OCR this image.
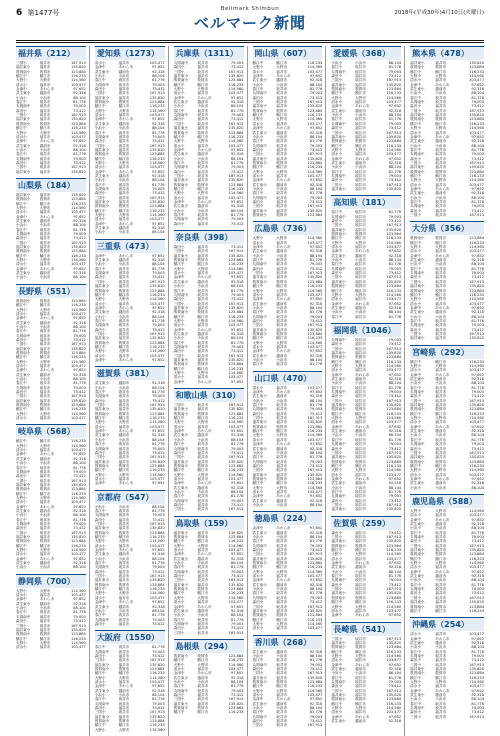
6 第1477号	Bellmark Shimbun
ベルマーク新聞
2018年(平成30年)4月10日(火曜日)
福井県（212）
三国小	坂井市	167,913
福井東小	福井市	135,820
敦賀南小	敦賀市	123,884
鯖江中	鯖江市	116,233
大野小	大野市	114,560
清水小	福井市	103,477
金津中	あわら市	97,652
武生東小	越前市	92,318
小浜小	小浜市	88,104
春江中	坂井市	81,776
丸岡南中	坂井市	79,003
森田小	福井市	73,412
三国小	坂井市	167,913
福井東小	福井市	135,820
敦賀南小	敦賀市	123,884
鯖江中	鯖江市	116,233
大野小	大野市	114,560
清水小	福井市	103,477
金津中	あわら市	97,652
武生東小	越前市	92,318
小浜小	小浜市	88,104
春江中	坂井市	81,776
丸岡南中	坂井市	79,003
森田小	福井市	73,412
三国小	坂井市	167,913
福井東小	福井市	135,820
山梨県（184）
福井東小	福井市	135,820
敦賀南小	敦賀市	123,884
鯖江中	鯖江市	116,233
大野小	大野市	114,560
清水小	福井市	103,477
金津中	あわら市	97,652
武生東小	越前市	92,318
小浜小	小浜市	88,104
春江中	坂井市	81,776
丸岡南中	坂井市	79,003
森田小	福井市	73,412
三国小	坂井市	167,913
福井東小	福井市	135,820
敦賀南小	敦賀市	123,884
鯖江中	鯖江市	116,233
大野小	大野市	114,560
清水小	福井市	103,477
金津中	あわら市	97,652
武生東小	越前市	92,318
小浜小	小浜市	88,104
長野県（551）
敦賀南小	敦賀市	123,884
鯖江中	鯖江市	116,233
大野小	大野市	114,560
清水小	福井市	103,477
金津中	あわら市	97,652
武生東小	越前市	92,318
小浜小	小浜市	88,104
春江中	坂井市	81,776
丸岡南中	坂井市	79,003
森田小	福井市	73,412
三国小	坂井市	167,913
福井東小	福井市	135,820
敦賀南小	敦賀市	123,884
鯖江中	鯖江市	116,233
大野小	大野市	114,560
清水小	福井市	103,477
金津中	あわら市	97,652
武生東小	越前市	92,318
小浜小	小浜市	88,104
春江中	坂井市	81,776
丸岡南中	坂井市	79,003
森田小	福井市	73,412
三国小	坂井市	167,913
福井東小	福井市	135,820
敦賀南小	敦賀市	123,884
鯖江中	鯖江市	116,233
大野小	大野市	114,560
清水小	福井市	103,477
岐阜県（568）
鯖江中	鯖江市	116,233
大野小	大野市	114,560
清水小	福井市	103,477
金津中	あわら市	97,652
武生東小	越前市	92,318
小浜小	小浜市	88,104
春江中	坂井市	81,776
丸岡南中	坂井市	79,003
森田小	福井市	73,412
三国小	坂井市	167,913
福井東小	福井市	135,820
敦賀南小	敦賀市	123,884
鯖江中	鯖江市	116,233
大野小	大野市	114,560
清水小	福井市	103,477
金津中	あわら市	97,652
武生東小	越前市	92,318
小浜小	小浜市	88,104
春江中	坂井市	81,776
丸岡南中	坂井市	79,003
森田小	福井市	73,412
三国小	坂井市	167,913
福井東小	福井市	135,820
敦賀南小	敦賀市	123,884
鯖江中	鯖江市	116,233
大野小	大野市	114,560
清水小	福井市	103,477
金津中	あわら市	97,652
武生東小	越前市	92,318
小浜小	小浜市	88,104
静岡県（700）
大野小	大野市	114,560
清水小	福井市	103,477
金津中	あわら市	97,652
武生東小	越前市	92,318
小浜小	小浜市	88,104
春江中	坂井市	81,776
丸岡南中	坂井市	79,003
森田小	福井市	73,412
三国小	坂井市	167,913
福井東小	福井市	135,820
敦賀南小	敦賀市	123,884
鯖江中	鯖江市	116,233
大野小	大野市	114,560
清水小	福井市	103,477
愛知県（1273）
清水小	福井市	103,477
金津中	あわら市	97,652
武生東小	越前市	92,318
小浜小	小浜市	88,104
春江中	坂井市	81,776
丸岡南中	坂井市	79,003
森田小	福井市	73,412
三国小	坂井市	167,913
福井東小	福井市	135,820
敦賀南小	敦賀市	123,884
鯖江中	鯖江市	116,233
大野小	大野市	114,560
清水小	福井市	103,477
金津中	あわら市	97,652
武生東小	越前市	92,318
小浜小	小浜市	88,104
春江中	坂井市	81,776
丸岡南中	坂井市	79,003
森田小	福井市	73,412
三国小	坂井市	167,913
福井東小	福井市	135,820
敦賀南小	敦賀市	123,884
鯖江中	鯖江市	116,233
大野小	大野市	114,560
清水小	福井市	103,477
金津中	あわら市	97,652
武生東小	越前市	92,318
小浜小	小浜市	88,104
春江中	坂井市	81,776
丸岡南中	坂井市	79,003
森田小	福井市	73,412
三国小	坂井市	167,913
福井東小	福井市	135,820
敦賀南小	敦賀市	123,884
鯖江中	鯖江市	116,233
大野小	大野市	114,560
清水小	福井市	103,477
金津中	あわら市	97,652
武生東小	越前市	92,318
小浜小	小浜市	88,104
三重県（473）
金津中	あわら市	97,652
武生東小	越前市	92,318
小浜小	小浜市	88,104
春江中	坂井市	81,776
丸岡南中	坂井市	79,003
森田小	福井市	73,412
三国小	坂井市	167,913
福井東小	福井市	135,820
敦賀南小	敦賀市	123,884
鯖江中	鯖江市	116,233
大野小	大野市	114,560
清水小	福井市	103,477
金津中	あわら市	97,652
武生東小	越前市	92,318
小浜小	小浜市	88,104
春江中	坂井市	81,776
丸岡南中	坂井市	79,003
森田小	福井市	73,412
三国小	坂井市	167,913
福井東小	福井市	135,820
敦賀南小	敦賀市	123,884
鯖江中	鯖江市	116,233
大野小	大野市	114,560
清水小	福井市	103,477
金津中	あわら市	97,652
滋賀県（381）
武生東小	越前市	92,318
小浜小	小浜市	88,104
春江中	坂井市	81,776
丸岡南中	坂井市	79,003
森田小	福井市	73,412
三国小	坂井市	167,913
福井東小	福井市	135,820
敦賀南小	敦賀市	123,884
鯖江中	鯖江市	116,233
大野小	大野市	114,560
清水小	福井市	103,477
金津中	あわら市	97,652
武生東小	越前市	92,318
小浜小	小浜市	88,104
春江中	坂井市	81,776
丸岡南中	坂井市	79,003
森田小	福井市	73,412
三国小	坂井市	167,913
福井東小	福井市	135,820
敦賀南小	敦賀市	123,884
鯖江中	鯖江市	116,233
大野小	大野市	114,560
清水小	福井市	103,477
金津中	あわら市	97,652
京都府（547）
小浜小	小浜市	88,104
春江中	坂井市	81,776
丸岡南中	坂井市	79,003
森田小	福井市	73,412
三国小	坂井市	167,913
福井東小	福井市	135,820
敦賀南小	敦賀市	123,884
鯖江中	鯖江市	116,233
大野小	大野市	114,560
清水小	福井市	103,477
金津中	あわら市	97,652
武生東小	越前市	92,318
小浜小	小浜市	88,104
春江中	坂井市	81,776
丸岡南中	坂井市	79,003
森田小	福井市	73,412
三国小	坂井市	167,913
福井東小	福井市	135,820
敦賀南小	敦賀市	123,884
鯖江中	鯖江市	116,233
大野小	大野市	114,560
清水小	福井市	103,477
金津中	あわら市	97,652
武生東小	越前市	92,318
小浜小	小浜市	88,104
春江中	坂井市	81,776
丸岡南中	坂井市	79,003
森田小	福井市	73,412
大阪府（1550）
春江中	坂井市	81,776
丸岡南中	坂井市	79,003
森田小	福井市	73,412
三国小	坂井市	167,913
福井東小	福井市	135,820
敦賀南小	敦賀市	123,884
鯖江中	鯖江市	116,233
大野小	大野市	114,560
清水小	福井市	103,477
金津中	あわら市	97,652
武生東小	越前市	92,318
小浜小	小浜市	88,104
春江中	坂井市	81,776
丸岡南中	坂井市	79,003
森田小	福井市	73,412
三国小	坂井市	167,913
福井東小	福井市	135,820
敦賀南小	敦賀市	123,884
鯖江中	鯖江市	116,233
大野小	大野市	114,560
兵庫県（1311）
丸岡南中	坂井市	79,003
森田小	福井市	73,412
三国小	坂井市	167,913
福井東小	福井市	135,820
敦賀南小	敦賀市	123,884
鯖江中	鯖江市	116,233
大野小	大野市	114,560
清水小	福井市	103,477
金津中	あわら市	97,652
武生東小	越前市	92,318
小浜小	小浜市	88,104
春江中	坂井市	81,776
丸岡南中	坂井市	79,003
森田小	福井市	73,412
三国小	坂井市	167,913
福井東小	福井市	135,820
敦賀南小	敦賀市	123,884
鯖江中	鯖江市	116,233
大野小	大野市	114,560
清水小	福井市	103,477
金津中	あわら市	97,652
武生東小	越前市	92,318
小浜小	小浜市	88,104
春江中	坂井市	81,776
丸岡南中	坂井市	79,003
森田小	福井市	73,412
三国小	坂井市	167,913
福井東小	福井市	135,820
敦賀南小	敦賀市	123,884
鯖江中	鯖江市	116,233
大野小	大野市	114,560
清水小	福井市	103,477
金津中	あわら市	97,652
武生東小	越前市	92,318
小浜小	小浜市	88,104
春江中	坂井市	81,776
丸岡南中	坂井市	79,003
森田小	福井市	73,412
奈良県（398）
森田小	福井市	73,412
三国小	坂井市	167,913
福井東小	福井市	135,820
敦賀南小	敦賀市	123,884
鯖江中	鯖江市	116,233
大野小	大野市	114,560
清水小	福井市	103,477
金津中	あわら市	97,652
武生東小	越前市	92,318
小浜小	小浜市	88,104
春江中	坂井市	81,776
丸岡南中	坂井市	79,003
森田小	福井市	73,412
三国小	坂井市	167,913
福井東小	福井市	135,820
敦賀南小	敦賀市	123,884
鯖江中	鯖江市	116,233
大野小	大野市	114,560
清水小	福井市	103,477
金津中	あわら市	97,652
武生東小	越前市	92,318
小浜小	小浜市	88,104
春江中	坂井市	81,776
丸岡南中	坂井市	79,003
森田小	福井市	73,412
三国小	坂井市	167,913
福井東小	福井市	135,820
敦賀南小	敦賀市	123,884
鯖江中	鯖江市	116,233
大野小	大野市	114,560
清水小	福井市	103,477
金津中	あわら市	97,652
和歌山県（310）
三国小	坂井市	167,913
福井東小	福井市	135,820
敦賀南小	敦賀市	123,884
鯖江中	鯖江市	116,233
大野小	大野市	114,560
清水小	福井市	103,477
金津中	あわら市	97,652
武生東小	越前市	92,318
小浜小	小浜市	88,104
春江中	坂井市	81,776
丸岡南中	坂井市	79,003
森田小	福井市	73,412
三国小	坂井市	167,913
福井東小	福井市	135,820
敦賀南小	敦賀市	123,884
鯖江中	鯖江市	116,233
大野小	大野市	114,560
清水小	福井市	103,477
金津中	あわら市	97,652
武生東小	越前市	92,318
小浜小	小浜市	88,104
春江中	坂井市	81,776
丸岡南中	坂井市	79,003
森田小	福井市	73,412
三国小	坂井市	167,913
鳥取県（159）
福井東小	福井市	135,820
敦賀南小	敦賀市	123,884
鯖江中	鯖江市	116,233
大野小	大野市	114,560
清水小	福井市	103,477
金津中	あわら市	97,652
武生東小	越前市	92,318
小浜小	小浜市	88,104
春江中	坂井市	81,776
丸岡南中	坂井市	79,003
森田小	福井市	73,412
三国小	坂井市	167,913
福井東小	福井市	135,820
敦賀南小	敦賀市	123,884
鯖江中	鯖江市	116,233
大野小	大野市	114,560
清水小	福井市	103,477
金津中	あわら市	97,652
武生東小	越前市	92,318
小浜小	小浜市	88,104
春江中	坂井市	81,776
丸岡南中	坂井市	79,003
森田小	福井市	73,412
三国小	坂井市	167,913
島根県（294）
敦賀南小	敦賀市	123,884
鯖江中	鯖江市	116,233
大野小	大野市	114,560
清水小	福井市	103,477
金津中	あわら市	97,652
武生東小	越前市	92,318
小浜小	小浜市	88,104
春江中	坂井市	81,776
丸岡南中	坂井市	79,003
森田小	福井市	73,412
三国小	坂井市	167,913
福井東小	福井市	135,820
敦賀南小	敦賀市	123,884
鯖江中	鯖江市	116,233
岡山県（607）
鯖江中	鯖江市	116,233
大野小	大野市	114,560
清水小	福井市	103,477
金津中	あわら市	97,652
武生東小	越前市	92,318
小浜小	小浜市	88,104
春江中	坂井市	81,776
丸岡南中	坂井市	79,003
森田小	福井市	73,412
三国小	坂井市	167,913
福井東小	福井市	135,820
敦賀南小	敦賀市	123,884
鯖江中	鯖江市	116,233
大野小	大野市	114,560
清水小	福井市	103,477
金津中	あわら市	97,652
武生東小	越前市	92,318
小浜小	小浜市	88,104
春江中	坂井市	81,776
丸岡南中	坂井市	79,003
森田小	福井市	73,412
三国小	坂井市	167,913
福井東小	福井市	135,820
敦賀南小	敦賀市	123,884
鯖江中	鯖江市	116,233
大野小	大野市	114,560
清水小	福井市	103,477
金津中	あわら市	97,652
武生東小	越前市	92,318
小浜小	小浜市	88,104
春江中	坂井市	81,776
丸岡南中	坂井市	79,003
森田小	福井市	73,412
三国小	坂井市	167,913
福井東小	福井市	135,820
敦賀南小	敦賀市	123,884
広島県（736）
大野小	大野市	114,560
清水小	福井市	103,477
金津中	あわら市	97,652
武生東小	越前市	92,318
小浜小	小浜市	88,104
春江中	坂井市	81,776
丸岡南中	坂井市	79,003
森田小	福井市	73,412
三国小	坂井市	167,913
福井東小	福井市	135,820
敦賀南小	敦賀市	123,884
鯖江中	鯖江市	116,233
大野小	大野市	114,560
清水小	福井市	103,477
金津中	あわら市	97,652
武生東小	越前市	92,318
小浜小	小浜市	88,104
春江中	坂井市	81,776
丸岡南中	坂井市	79,003
森田小	福井市	73,412
三国小	坂井市	167,913
福井東小	福井市	135,820
敦賀南小	敦賀市	123,884
鯖江中	鯖江市	116,233
大野小	大野市	114,560
清水小	福井市	103,477
金津中	あわら市	97,652
武生東小	越前市	92,318
小浜小	小浜市	88,104
春江中	坂井市	81,776
山口県（470）
清水小	福井市	103,477
金津中	あわら市	97,652
武生東小	越前市	92,318
小浜小	小浜市	88,104
春江中	坂井市	81,776
丸岡南中	坂井市	79,003
森田小	福井市	73,412
三国小	坂井市	167,913
福井東小	福井市	135,820
敦賀南小	敦賀市	123,884
鯖江中	鯖江市	116,233
大野小	大野市	114,560
清水小	福井市	103,477
金津中	あわら市	97,652
武生東小	越前市	92,318
小浜小	小浜市	88,104
春江中	坂井市	81,776
丸岡南中	坂井市	79,003
森田小	福井市	73,412
三国小	坂井市	167,913
福井東小	福井市	135,820
敦賀南小	敦賀市	123,884
鯖江中	鯖江市	116,233
大野小	大野市	114,560
清水小	福井市	103,477
金津中	あわら市	97,652
武生東小	越前市	92,318
小浜小	小浜市	88,104
徳島県（224）
金津中	あわら市	97,652
武生東小	越前市	92,318
小浜小	小浜市	88,104
春江中	坂井市	81,776
丸岡南中	坂井市	79,003
森田小	福井市	73,412
三国小	坂井市	167,913
福井東小	福井市	135,820
敦賀南小	敦賀市	123,884
鯖江中	鯖江市	116,233
大野小	大野市	114,560
清水小	福井市	103,477
金津中	あわら市	97,652
武生東小	越前市	92,318
小浜小	小浜市	88,104
春江中	坂井市	81,776
丸岡南中	坂井市	79,003
森田小	福井市	73,412
三国小	坂井市	167,913
福井東小	福井市	135,820
敦賀南小	敦賀市	123,884
鯖江中	鯖江市	116,233
大野小	大野市	114,560
清水小	福井市	103,477
香川県（268）
武生東小	越前市	92,318
小浜小	小浜市	88,104
春江中	坂井市	81,776
丸岡南中	坂井市	79,003
森田小	福井市	73,412
三国小	坂井市	167,913
福井東小	福井市	135,820
敦賀南小	敦賀市	123,884
鯖江中	鯖江市	116,233
大野小	大野市	114,560
清水小	福井市	103,477
金津中	あわら市	97,652
武生東小	越前市	92,318
小浜小	小浜市	88,104
春江中	坂井市	81,776
丸岡南中	坂井市	79,003
森田小	福井市	73,412
三国小	坂井市	167,913
愛媛県（368）
小浜小	小浜市	88,104
春江中	坂井市	81,776
丸岡南中	坂井市	79,003
森田小	福井市	73,412
三国小	坂井市	167,913
福井東小	福井市	135,820
敦賀南小	敦賀市	123,884
鯖江中	鯖江市	116,233
大野小	大野市	114,560
清水小	福井市	103,477
金津中	あわら市	97,652
武生東小	越前市	92,318
小浜小	小浜市	88,104
春江中	坂井市	81,776
丸岡南中	坂井市	79,003
森田小	福井市	73,412
三国小	坂井市	167,913
福井東小	福井市	135,820
敦賀南小	敦賀市	123,884
鯖江中	鯖江市	116,233
大野小	大野市	114,560
清水小	福井市	103,477
金津中	あわら市	97,652
武生東小	越前市	92,318
小浜小	小浜市	88,104
春江中	坂井市	81,776
丸岡南中	坂井市	79,003
森田小	福井市	73,412
三国小	坂井市	167,913
福井東小	福井市	135,820
高知県（181）
春江中	坂井市	81,776
丸岡南中	坂井市	79,003
森田小	福井市	73,412
三国小	坂井市	167,913
福井東小	福井市	135,820
敦賀南小	敦賀市	123,884
鯖江中	鯖江市	116,233
大野小	大野市	114,560
清水小	福井市	103,477
金津中	あわら市	97,652
武生東小	越前市	92,318
小浜小	小浜市	88,104
春江中	坂井市	81,776
丸岡南中	坂井市	79,003
森田小	福井市	73,412
三国小	坂井市	167,913
福井東小	福井市	135,820
敦賀南小	敦賀市	123,884
鯖江中	鯖江市	116,233
大野小	大野市	114,560
清水小	福井市	103,477
金津中	あわら市	97,652
武生東小	越前市	92,318
小浜小	小浜市	88,104
春江中	坂井市	81,776
福岡県（1046）
丸岡南中	坂井市	79,003
森田小	福井市	73,412
三国小	坂井市	167,913
福井東小	福井市	135,820
敦賀南小	敦賀市	123,884
鯖江中	鯖江市	116,233
大野小	大野市	114,560
清水小	福井市	103,477
金津中	あわら市	97,652
武生東小	越前市	92,318
小浜小	小浜市	88,104
春江中	坂井市	81,776
丸岡南中	坂井市	79,003
森田小	福井市	73,412
三国小	坂井市	167,913
福井東小	福井市	135,820
敦賀南小	敦賀市	123,884
鯖江中	鯖江市	116,233
大野小	大野市	114,560
清水小	福井市	103,477
金津中	あわら市	97,652
武生東小	越前市	92,318
小浜小	小浜市	88,104
春江中	坂井市	81,776
丸岡南中	坂井市	79,003
森田小	福井市	73,412
三国小	坂井市	167,913
福井東小	福井市	135,820
敦賀南小	敦賀市	123,884
鯖江中	鯖江市	116,233
大野小	大野市	114,560
清水小	福井市	103,477
金津中	あわら市	97,652
武生東小	越前市	92,318
小浜小	小浜市	88,104
春江中	坂井市	81,776
丸岡南中	坂井市	79,003
森田小	福井市	73,412
三国小	坂井市	167,913
福井東小	福井市	135,820
佐賀県（259）
森田小	福井市	73,412
三国小	坂井市	167,913
福井東小	福井市	135,820
敦賀南小	敦賀市	123,884
鯖江中	鯖江市	116,233
大野小	大野市	114,560
清水小	福井市	103,477
金津中	あわら市	97,652
武生東小	越前市	92,318
小浜小	小浜市	88,104
春江中	坂井市	81,776
丸岡南中	坂井市	79,003
森田小	福井市	73,412
三国小	坂井市	167,913
福井東小	福井市	135,820
敦賀南小	敦賀市	123,884
鯖江中	鯖江市	116,233
大野小	大野市	114,560
清水小	福井市	103,477
金津中	あわら市	97,652
長崎県（541）
三国小	坂井市	167,913
福井東小	福井市	135,820
敦賀南小	敦賀市	123,884
鯖江中	鯖江市	116,233
大野小	大野市	114,560
清水小	福井市	103,477
金津中	あわら市	97,652
武生東小	越前市	92,318
小浜小	小浜市	88,104
春江中	坂井市	81,776
丸岡南中	坂井市	79,003
森田小	福井市	73,412
三国小	坂井市	167,913
福井東小	福井市	135,820
敦賀南小	敦賀市	123,884
鯖江中	鯖江市	116,233
大野小	大野市	114,560
清水小	福井市	103,477
金津中	あわら市	97,652
武生東小	越前市	92,318
熊本県（478）
福井東小	福井市	135,820
敦賀南小	敦賀市	123,884
鯖江中	鯖江市	116,233
大野小	大野市	114,560
清水小	福井市	103,477
金津中	あわら市	97,652
武生東小	越前市	92,318
小浜小	小浜市	88,104
春江中	坂井市	81,776
丸岡南中	坂井市	79,003
森田小	福井市	73,412
三国小	坂井市	167,913
福井東小	福井市	135,820
敦賀南小	敦賀市	123,884
鯖江中	鯖江市	116,233
大野小	大野市	114,560
清水小	福井市	103,477
金津中	あわら市	97,652
武生東小	越前市	92,318
小浜小	小浜市	88,104
春江中	坂井市	81,776
丸岡南中	坂井市	79,003
森田小	福井市	73,412
三国小	坂井市	167,913
福井東小	福井市	135,820
敦賀南小	敦賀市	123,884
鯖江中	鯖江市	116,233
大野小	大野市	114,560
清水小	福井市	103,477
金津中	あわら市	97,652
武生東小	越前市	92,318
小浜小	小浜市	88,104
春江中	坂井市	81,776
丸岡南中	坂井市	79,003
森田小	福井市	73,412
三国小	坂井市	167,913
大分県（356）
敦賀南小	敦賀市	123,884
鯖江中	鯖江市	116,233
大野小	大野市	114,560
清水小	福井市	103,477
金津中	あわら市	97,652
武生東小	越前市	92,318
小浜小	小浜市	88,104
春江中	坂井市	81,776
丸岡南中	坂井市	79,003
森田小	福井市	73,412
三国小	坂井市	167,913
福井東小	福井市	135,820
敦賀南小	敦賀市	123,884
鯖江中	鯖江市	116,233
大野小	大野市	114,560
清水小	福井市	103,477
金津中	あわら市	97,652
武生東小	越前市	92,318
小浜小	小浜市	88,104
春江中	坂井市	81,776
丸岡南中	坂井市	79,003
森田小	福井市	73,412
三国小	坂井市	167,913
福井東小	福井市	135,820
宮崎県（292）
鯖江中	鯖江市	116,233
大野小	大野市	114,560
清水小	福井市	103,477
金津中	あわら市	97,652
武生東小	越前市	92,318
小浜小	小浜市	88,104
春江中	坂井市	81,776
丸岡南中	坂井市	79,003
森田小	福井市	73,412
三国小	坂井市	167,913
福井東小	福井市	135,820
敦賀南小	敦賀市	123,884
鯖江中	鯖江市	116,233
大野小	大野市	114,560
清水小	福井市	103,477
金津中	あわら市	97,652
武生東小	越前市	92,318
小浜小	小浜市	88,104
春江中	坂井市	81,776
丸岡南中	坂井市	79,003
森田小	福井市	73,412
三国小	坂井市	167,913
福井東小	福井市	135,820
敦賀南小	敦賀市	123,884
鯖江中	鯖江市	116,233
大野小	大野市	114,560
清水小	福井市	103,477
金津中	あわら市	97,652
武生東小	越前市	92,318
小浜小	小浜市	88,104
鹿児島県（588）
大野小	大野市	114,560
清水小	福井市	103,477
金津中	あわら市	97,652
武生東小	越前市	92,318
小浜小	小浜市	88,104
春江中	坂井市	81,776
丸岡南中	坂井市	79,003
森田小	福井市	73,412
三国小	坂井市	167,913
福井東小	福井市	135,820
敦賀南小	敦賀市	123,884
鯖江中	鯖江市	116,233
大野小	大野市	114,560
清水小	福井市	103,477
金津中	あわら市	97,652
武生東小	越前市	92,318
小浜小	小浜市	88,104
春江中	坂井市	81,776
丸岡南中	坂井市	79,003
森田小	福井市	73,412
三国小	坂井市	167,913
福井東小	福井市	135,820
敦賀南小	敦賀市	123,884
鯖江中	鯖江市	116,233
沖縄県（254）
清水小	福井市	103,477
金津中	あわら市	97,652
武生東小	越前市	92,318
小浜小	小浜市	88,104
春江中	坂井市	81,776
丸岡南中	坂井市	79,003
森田小	福井市	73,412
三国小	坂井市	167,913
福井東小	福井市	135,820
敦賀南小	敦賀市	123,884
鯖江中	鯖江市	116,233
大野小	大野市	114,560
清水小	福井市	103,477
金津中	あわら市	97,652
武生東小	越前市	92,318
小浜小	小浜市	88,104
春江中	坂井市	81,776
丸岡南中	坂井市	79,003
森田小	福井市	73,412
三国小	坂井市	167,913
